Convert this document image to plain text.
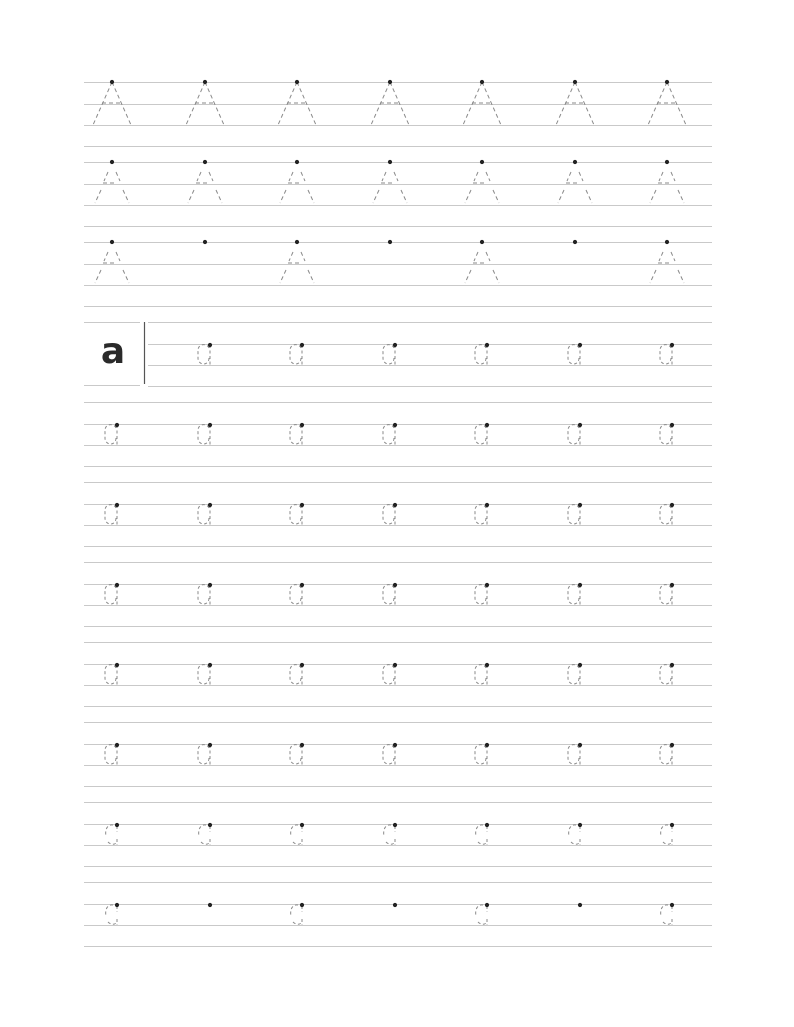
a
